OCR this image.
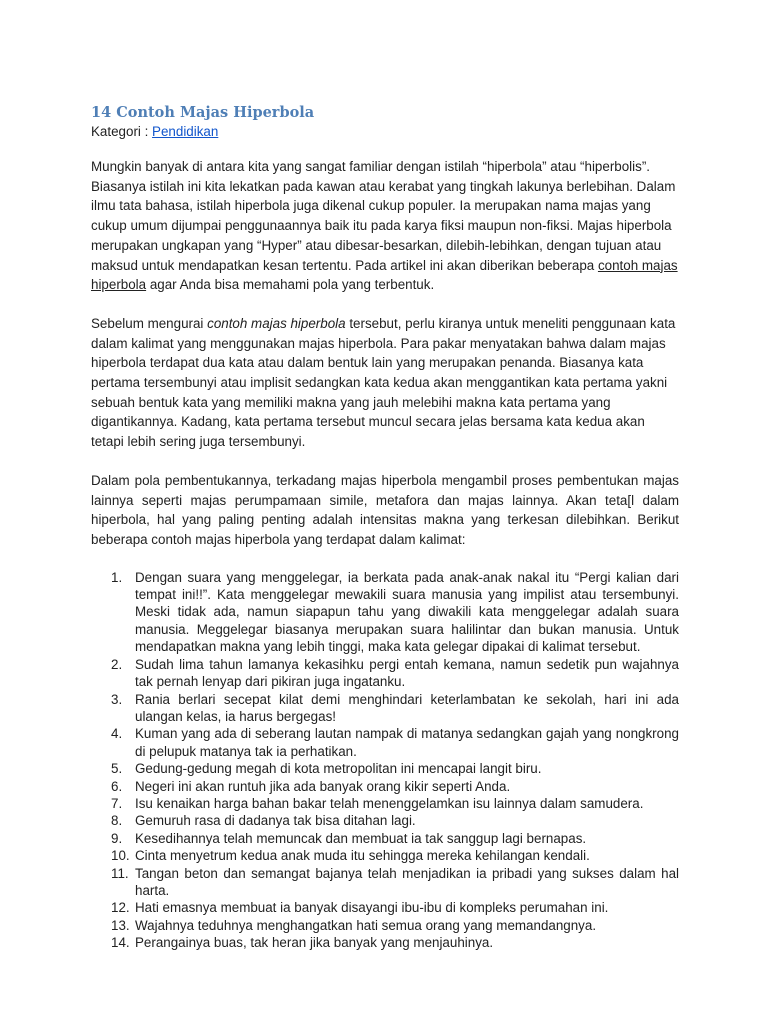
14 Contoh Majas Hiperbola
Kategori : Pendidikan

Mungkin banyak di antara kita yang sangat familiar dengan istilah “hiperbola” atau “hiperbolis”. Biasanya istilah ini kita lekatkan pada kawan atau kerabat yang tingkah lakunya berlebihan. Dalam ilmu tata bahasa, istilah hiperbola juga dikenal cukup populer. Ia merupakan nama majas yang cukup umum dijumpai penggunaannya baik itu pada karya fiksi maupun non-fiksi. Majas hiperbola merupakan ungkapan yang “Hyper” atau dibesar-besarkan, dilebih-lebihkan, dengan tujuan atau maksud untuk mendapatkan kesan tertentu. Pada artikel ini akan diberikan beberapa contoh majas hiperbola agar Anda bisa memahami pola yang terbentuk.

Sebelum mengurai contoh majas hiperbola tersebut, perlu kiranya untuk meneliti penggunaan kata dalam kalimat yang menggunakan majas hiperbola. Para pakar menyatakan bahwa dalam majas hiperbola terdapat dua kata atau dalam bentuk lain yang merupakan penanda. Biasanya kata pertama tersembunyi atau implisit sedangkan kata kedua akan menggantikan kata pertama yakni sebuah bentuk kata yang memiliki makna yang jauh melebihi makna kata pertama yang digantikannya. Kadang, kata pertama tersebut muncul secara jelas bersama kata kedua akan tetapi lebih sering juga tersembunyi.

Dalam pola pembentukannya, terkadang majas hiperbola mengambil proses pembentukan majas lainnya seperti majas perumpamaan simile, metafora dan majas lainnya. Akan teta[l dalam hiperbola, hal yang paling penting adalah intensitas makna yang terkesan dilebihkan. Berikut beberapa contoh majas hiperbola yang terdapat dalam kalimat:

1. Dengan suara yang menggelegar, ia berkata pada anak-anak nakal itu “Pergi kalian dari tempat ini!!”. Kata menggelegar mewakili suara manusia yang impilist atau tersembunyi. Meski tidak ada, namun siapapun tahu yang diwakili kata menggelegar adalah suara manusia. Meggelegar biasanya merupakan suara halilintar dan bukan manusia. Untuk mendapatkan makna yang lebih tinggi, maka kata gelegar dipakai di kalimat tersebut.
2. Sudah lima tahun lamanya kekasihku pergi entah kemana, namun sedetik pun wajahnya tak pernah lenyap dari pikiran juga ingatanku.
3. Rania berlari secepat kilat demi menghindari keterlambatan ke sekolah, hari ini ada ulangan kelas, ia harus bergegas!
4. Kuman yang ada di seberang lautan nampak di matanya sedangkan gajah yang nongkrong di pelupuk matanya tak ia perhatikan.
5. Gedung-gedung megah di kota metropolitan ini mencapai langit biru.
6. Negeri ini akan runtuh jika ada banyak orang kikir seperti Anda.
7. Isu kenaikan harga bahan bakar telah menenggelamkan isu lainnya dalam samudera.
8. Gemuruh rasa di dadanya tak bisa ditahan lagi.
9. Kesedihannya telah memuncak dan membuat ia tak sanggup lagi bernapas.
10. Cinta menyetrum kedua anak muda itu sehingga mereka kehilangan kendali.
11. Tangan beton dan semangat bajanya telah menjadikan ia pribadi yang sukses dalam hal harta.
12. Hati emasnya membuat ia banyak disayangi ibu-ibu di kompleks perumahan ini.
13. Wajahnya teduhnya menghangatkan hati semua orang yang memandangnya.
14. Perangainya buas, tak heran jika banyak yang menjauhinya.
